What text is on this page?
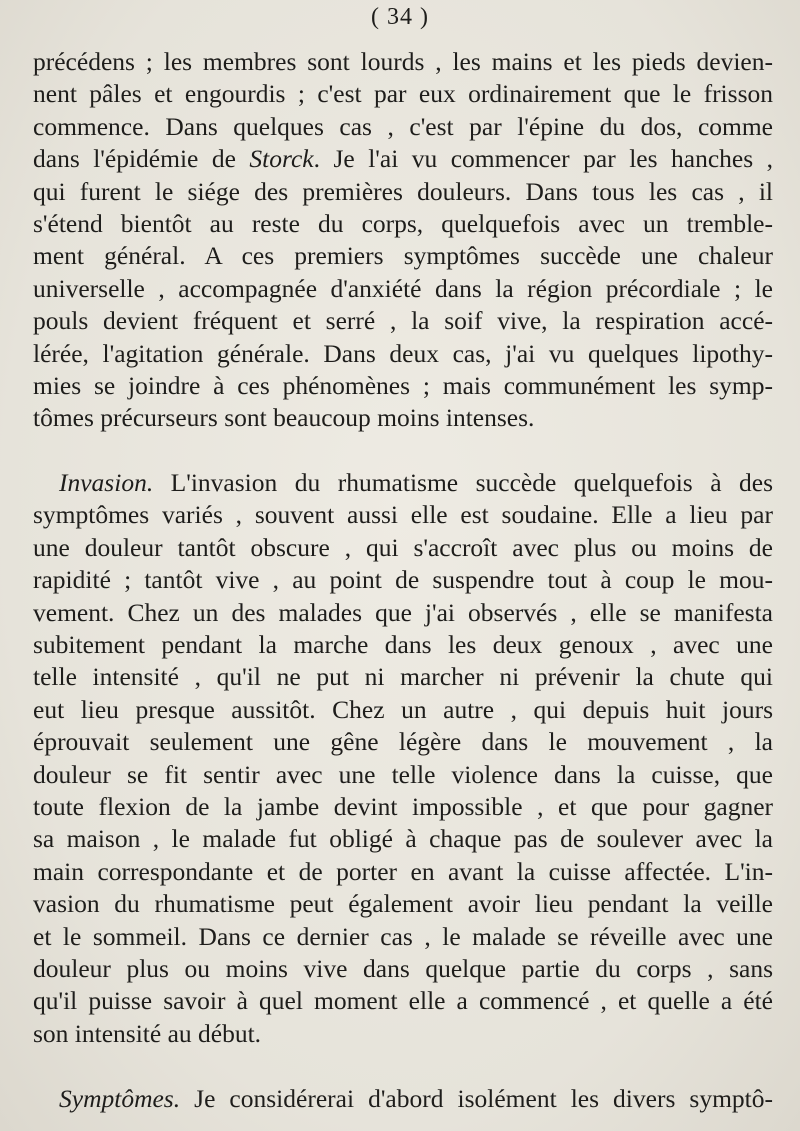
( 34 )
précédens ; les membres sont lourds , les mains et les pieds devien-
nent pâles et engourdis ; c'est par eux ordinairement que le frisson
commence. Dans quelques cas , c'est par l'épine du dos, comme
dans l'épidémie de Storck. Je l'ai vu commencer par les hanches ,
qui furent le siége des premières douleurs. Dans tous les cas , il
s'étend bientôt au reste du corps, quelquefois avec un tremble-
ment général. A ces premiers symptômes succède une chaleur
universelle , accompagnée d'anxiété dans la région précordiale ; le
pouls devient fréquent et serré , la soif vive, la respiration accé-
lérée, l'agitation générale. Dans deux cas, j'ai vu quelques lipothy-
mies se joindre à ces phénomènes ; mais communément les symp-
tômes précurseurs sont beaucoup moins intenses.
Invasion. L'invasion du rhumatisme succède quelquefois à des
symptômes variés , souvent aussi elle est soudaine. Elle a lieu par
une douleur tantôt obscure , qui s'accroît avec plus ou moins de
rapidité ; tantôt vive , au point de suspendre tout à coup le mou-
vement. Chez un des malades que j'ai observés , elle se manifesta
subitement pendant la marche dans les deux genoux , avec une
telle intensité , qu'il ne put ni marcher ni prévenir la chute qui
eut lieu presque aussitôt. Chez un autre , qui depuis huit jours
éprouvait seulement une gêne légère dans le mouvement , la
douleur se fit sentir avec une telle violence dans la cuisse, que
toute flexion de la jambe devint impossible , et que pour gagner
sa maison , le malade fut obligé à chaque pas de soulever avec la
main correspondante et de porter en avant la cuisse affectée. L'in-
vasion du rhumatisme peut également avoir lieu pendant la veille
et le sommeil. Dans ce dernier cas , le malade se réveille avec une
douleur plus ou moins vive dans quelque partie du corps , sans
qu'il puisse savoir à quel moment elle a commencé , et quelle a été
son intensité au début.
Symptômes. Je considérerai d'abord isolément les divers symptô-
